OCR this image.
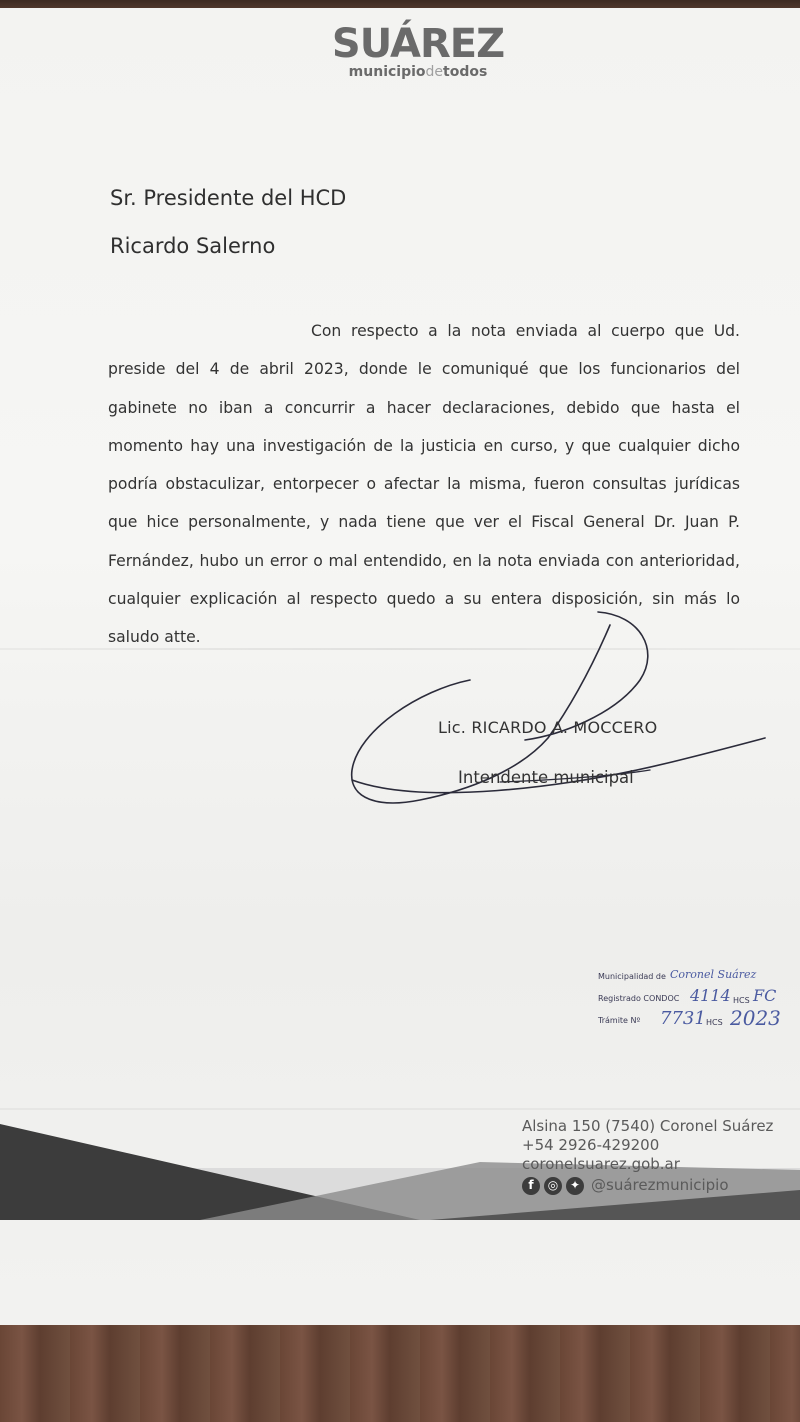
SUÁREZ
municipiodetodos
Sr. Presidente del HCD
Ricardo Salerno
Con respecto a la nota enviada al cuerpo que Ud. preside del 4 de abril 2023, donde le comuniqué que los funcionarios del gabinete no iban a concurrir a hacer declaraciones, debido que hasta el momento hay una investigación de la justicia en curso, y que cualquier dicho podría obstaculizar, entorpecer o afectar la misma, fueron consultas jurídicas que hice personalmente, y nada tiene que ver el Fiscal General Dr. Juan P. Fernández, hubo un error o mal entendido, en la nota enviada con anterioridad, cualquier explicación al respecto quedo a su entera disposición, sin más lo saludo atte.
Lic. RICARDO A. MOCCERO
Intendente municipal
Municipalidad de Coronel Suárez
Registrado CONDOC 4114 HCS FC
Trámite Nº 7731 HCS 2023
Alsina 150 (7540) Coronel Suárez
+54 2926-429200
coronelsuarez.gob.ar
f	◎ ✦ @suárezmunicipio
